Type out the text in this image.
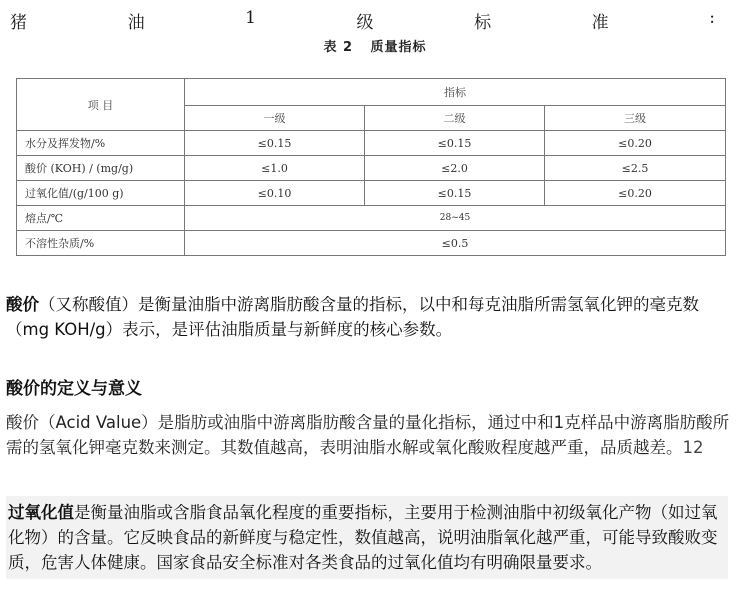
猪	油	1	级	标	准	:
表 2 质量指标
项 目	指标		
	一级	二级	三级
水分及挥发物/%	≤0.15	≤0.15	≤0.20
酸价 (KOH) / (mg/g)	≤1.0	≤2.0	≤2.5
过氧化值/(g/100 g)	≤0.10	≤0.15	≤0.20
熔点/℃	28~45		
不溶性杂质/%	≤0.5		
酸价（又称酸值）是衡量油脂中游离脂肪酸含量的指标，以中和每克油脂所需氢氧化钾的毫克数（mg KOH/g）表示，是评估油脂质量与新鲜度的核心参数。
酸价的定义与意义
酸价（Acid Value）是脂肪或油脂中游离脂肪酸含量的量化指标，通过中和1克样品中游离脂肪酸所需的氢氧化钾毫克数来测定。其数值越高，表明油脂水解或氧化酸败程度越严重，品质越差。12
过氧化值是衡量油脂或含脂食品氧化程度的重要指标，主要用于检测油脂中初级氧化产物（如过氧化物）的含量。它反映食品的新鲜度与稳定性，数值越高，说明油脂氧化越严重，可能导致酸败变质，危害人体健康。国家食品安全标准对各类食品的过氧化值均有明确限量要求。
